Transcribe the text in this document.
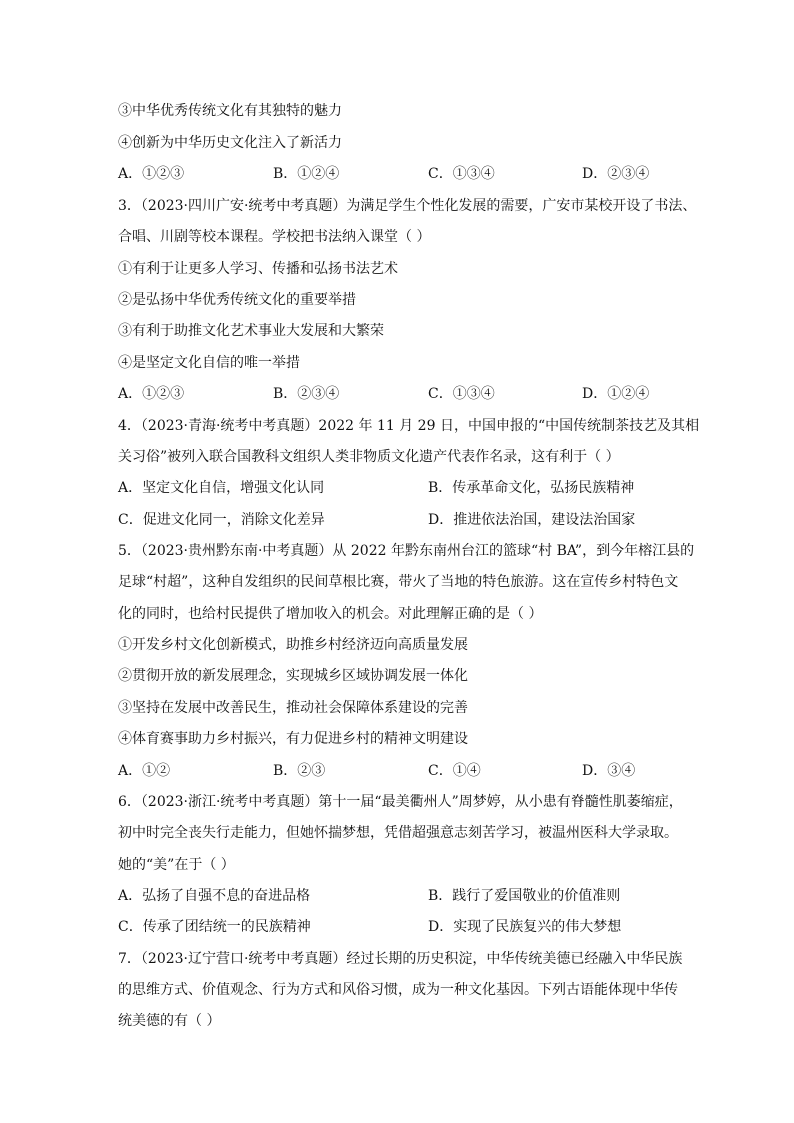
③中华优秀传统文化有其独特的魅力
④创新为中华历史文化注入了新活力
A．①②③	B．①②④	C．①③④	D．②③④
3．（2023·四川广安·统考中考真题）为满足学生个性化发展的需要，广安市某校开设了书法、
合唱、川剧等校本课程。学校把书法纳入课堂（ ）
①有利于让更多人学习、传播和弘扬书法艺术
②是弘扬中华优秀传统文化的重要举措
③有利于助推文化艺术事业大发展和大繁荣
④是坚定文化自信的唯一举措
A．①②③	B．②③④	C．①③④	D．①②④
4．（2023·青海·统考中考真题）2022 年 11 月 29 日，中国申报的“中国传统制茶技艺及其相
关习俗”被列入联合国教科文组织人类非物质文化遗产代表作名录，这有利于（ ）
A．坚定文化自信，增强文化认同	B．传承革命文化，弘扬民族精神
C．促进文化同一，消除文化差异	D．推进依法治国，建设法治国家
5．（2023·贵州黔东南·中考真题）从 2022 年黔东南州台江的篮球“村 BA”，到今年榕江县的
足球“村超”，这种自发组织的民间草根比赛，带火了当地的特色旅游。这在宣传乡村特色文
化的同时，也给村民提供了增加收入的机会。对此理解正确的是（ ）
①开发乡村文化创新模式，助推乡村经济迈向高质量发展
②贯彻开放的新发展理念，实现城乡区域协调发展一体化
③坚持在发展中改善民生，推动社会保障体系建设的完善
④体育赛事助力乡村振兴，有力促进乡村的精神文明建设
A．①②	B．②③	C．①④	D．③④
6．（2023·浙江·统考中考真题）第十一届“最美衢州人”周梦婷，从小患有脊髓性肌萎缩症，
初中时完全丧失行走能力，但她怀揣梦想，凭借超强意志刻苦学习，被温州医科大学录取。
她的“美”在于（ ）
A．弘扬了自强不息的奋进品格	B．践行了爱国敬业的价值准则
C．传承了团结统一的民族精神	D．实现了民族复兴的伟大梦想
7．（2023·辽宁营口·统考中考真题）经过长期的历史积淀，中华传统美德已经融入中华民族
的思维方式、价值观念、行为方式和风俗习惯，成为一种文化基因。下列古语能体现中华传
统美德的有（ ）
